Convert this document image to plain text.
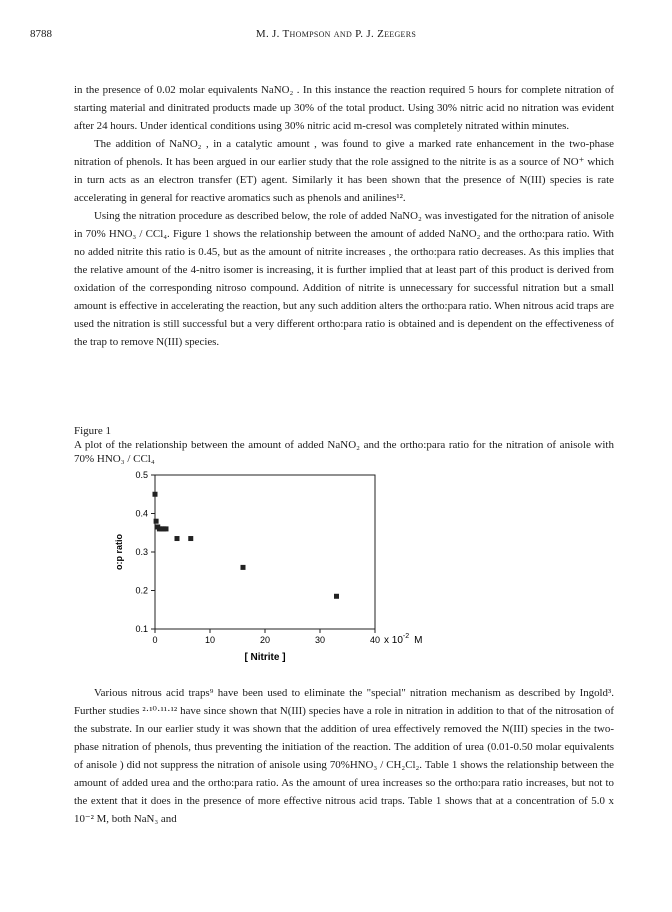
8788	M. J. Thompson and P. J. Zeegers

in the presence of 0.02 molar equivalents NaNO₂ . In this instance the reaction required 5 hours for complete nitration of starting material and dinitrated products made up 30% of the total product. Using 30% nitric acid no nitration was evident after 24 hours. Under identical conditions using 30% nitric acid m-cresol was completely nitrated within minutes.

The addition of NaNO₂ , in a catalytic amount , was found to give a marked rate enhancement in the two-phase nitration of phenols. It has been argued in our earlier study that the role assigned to the nitrite is as a source of NO⁺ which in turn acts as an electron transfer (ET) agent. Similarly it has been shown that the presence of N(III) species is rate accelerating in general for reactive aromatics such as phenols and anilines¹².

Using the nitration procedure as described below, the role of added NaNO₂ was investigated for the nitration of anisole in 70% HNO₃ / CCl₄. Figure 1 shows the relationship between the amount of added NaNO₂ and the ortho:para ratio. With no added nitrite this ratio is 0.45, but as the amount of nitrite increases , the ortho:para ratio decreases. As this implies that the relative amount of the 4-nitro isomer is increasing, it is further implied that at least part of this product is derived from oxidation of the corresponding nitroso compound. Addition of nitrite is unnecessary for successful nitration but a small amount is effective in accelerating the reaction, but any such addition alters the ortho:para ratio. When nitrous acid traps are used the nitration is still successful but a very different ortho:para ratio is obtained and is dependent on the effectiveness of the trap to remove N(III) species.

Figure 1
A plot of the relationship between the amount of added NaNO₂ and the ortho:para ratio for the nitration of anisole with 70% HNO₃ / CCl₄
0.1
0.2
0.3
0.4
0.5
0	10	20	30	40
o:p ratio
[ Nitrite ]
x $10^{-2}$ M

Various nitrous acid traps⁹ have been used to eliminate the "special" nitration mechanism as described by Ingold³. Further studies ²·¹⁰·¹¹·¹² have since shown that N(III) species have a role in nitration in addition to that of the nitrosation of the substrate. In our earlier study it was shown that the addition of urea effectively removed the N(III) species in the two-phase nitration of phenols, thus preventing the initiation of the reaction. The addition of urea (0.01-0.50 molar equivalents of anisole ) did not suppress the nitration of anisole using 70%HNO₃ / CH₂Cl₂. Table 1 shows the relationship between the amount of added urea and the ortho:para ratio. As the amount of urea increases so the ortho:para ratio increases, but not to the extent that it does in the presence of more effective nitrous acid traps. Table 1 shows that at a concentration of 5.0 x 10⁻² M, both NaN₃ and
